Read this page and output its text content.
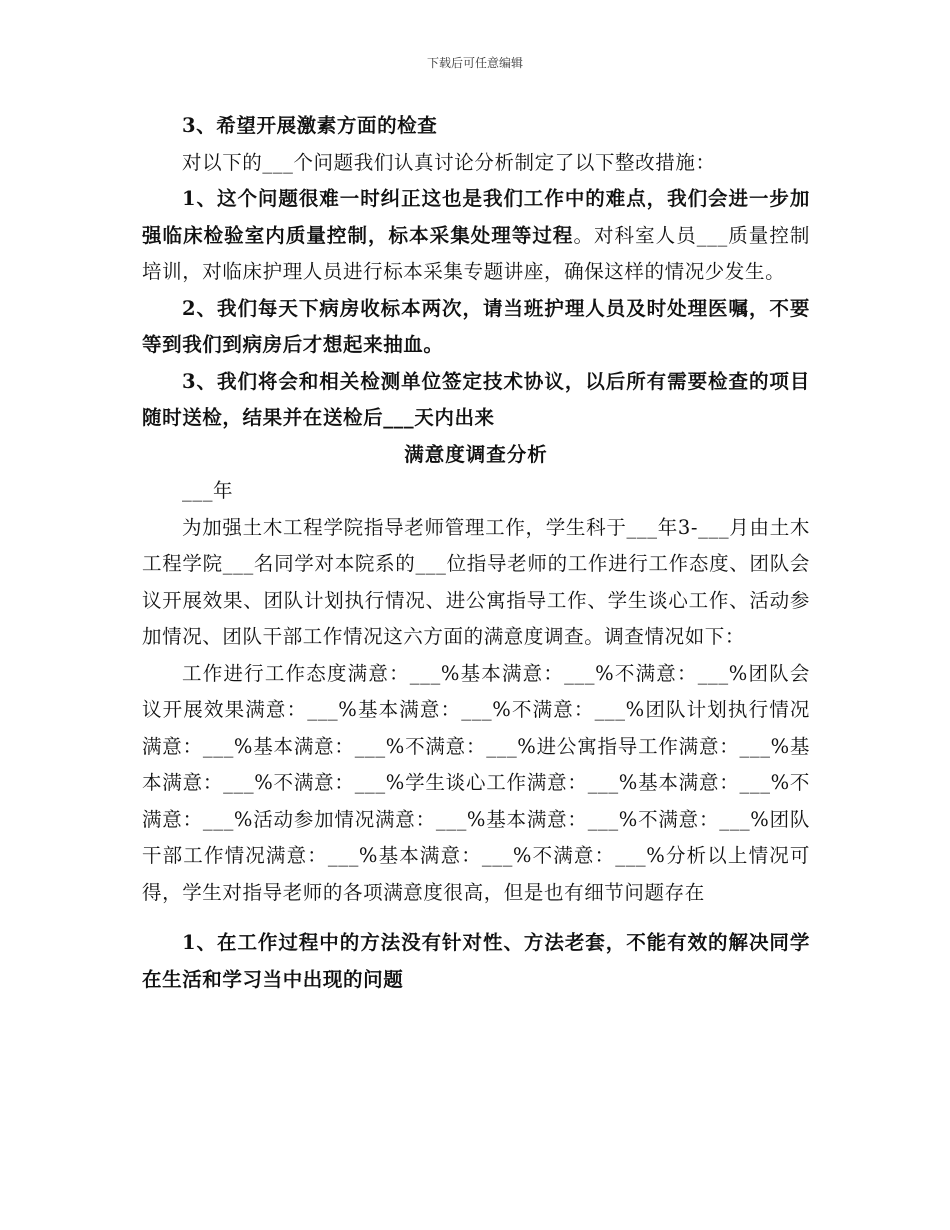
下载后可任意编辑

3、希望开展激素方面的检查

对以下的___个问题我们认真讨论分析制定了以下整改措施：

1、这个问题很难一时纠正这也是我们工作中的难点，我们会进一步加强临床检验室内质量控制，标本采集处理等过程。对科室人员___质量控制培训，对临床护理人员进行标本采集专题讲座，确保这样的情况少发生。

2、我们每天下病房收标本两次，请当班护理人员及时处理医嘱，不要等到我们到病房后才想起来抽血。

3、我们将会和相关检测单位签定技术协议，以后所有需要检查的项目随时送检，结果并在送检后___天内出来

满意度调查分析

___年

为加强土木工程学院指导老师管理工作，学生科于___年3-___月由土木工程学院___名同学对本院系的___位指导老师的工作进行工作态度、团队会议开展效果、团队计划执行情况、进公寓指导工作、学生谈心工作、活动参加情况、团队干部工作情况这六方面的满意度调查。调查情况如下：

工作进行工作态度满意：___%基本满意：___%不满意：___%团队会议开展效果满意：___%基本满意：___%不满意：___%团队计划执行情况满意：___%基本满意：___%不满意：___%进公寓指导工作满意：___%基本满意：___%不满意：___%学生谈心工作满意：___%基本满意：___%不满意：___%活动参加情况满意：___%基本满意：___%不满意：___%团队干部工作情况满意：___%基本满意：___%不满意：___%分析以上情况可得，学生对指导老师的各项满意度很高，但是也有细节问题存在

1、在工作过程中的方法没有针对性、方法老套，不能有效的解决同学在生活和学习当中出现的问题
